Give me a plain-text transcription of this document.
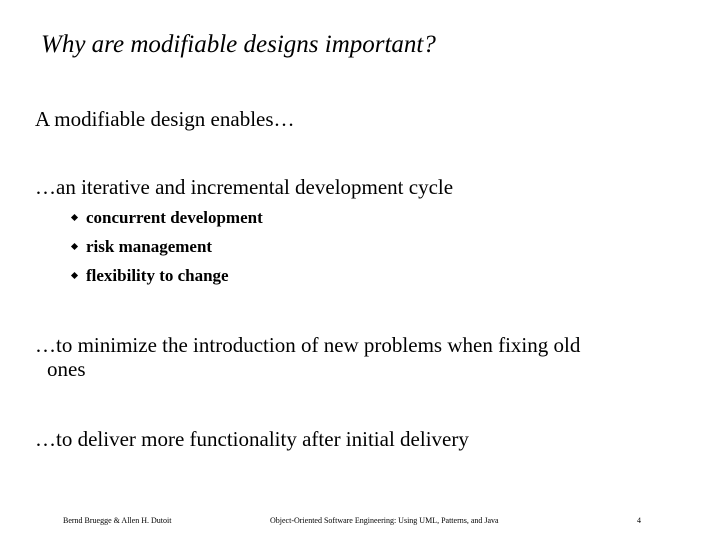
Why are modifiable designs important?

A modifiable design enables…

…an iterative and incremental development cycle

concurrent development
risk management
flexibility to change

…to minimize the introduction of new problems when fixing old
ones

…to deliver more functionality after initial delivery

Bernd Bruegge & Allen H. Dutoit	Object-Oriented Software Engineering: Using UML, Patterns, and Java	4
